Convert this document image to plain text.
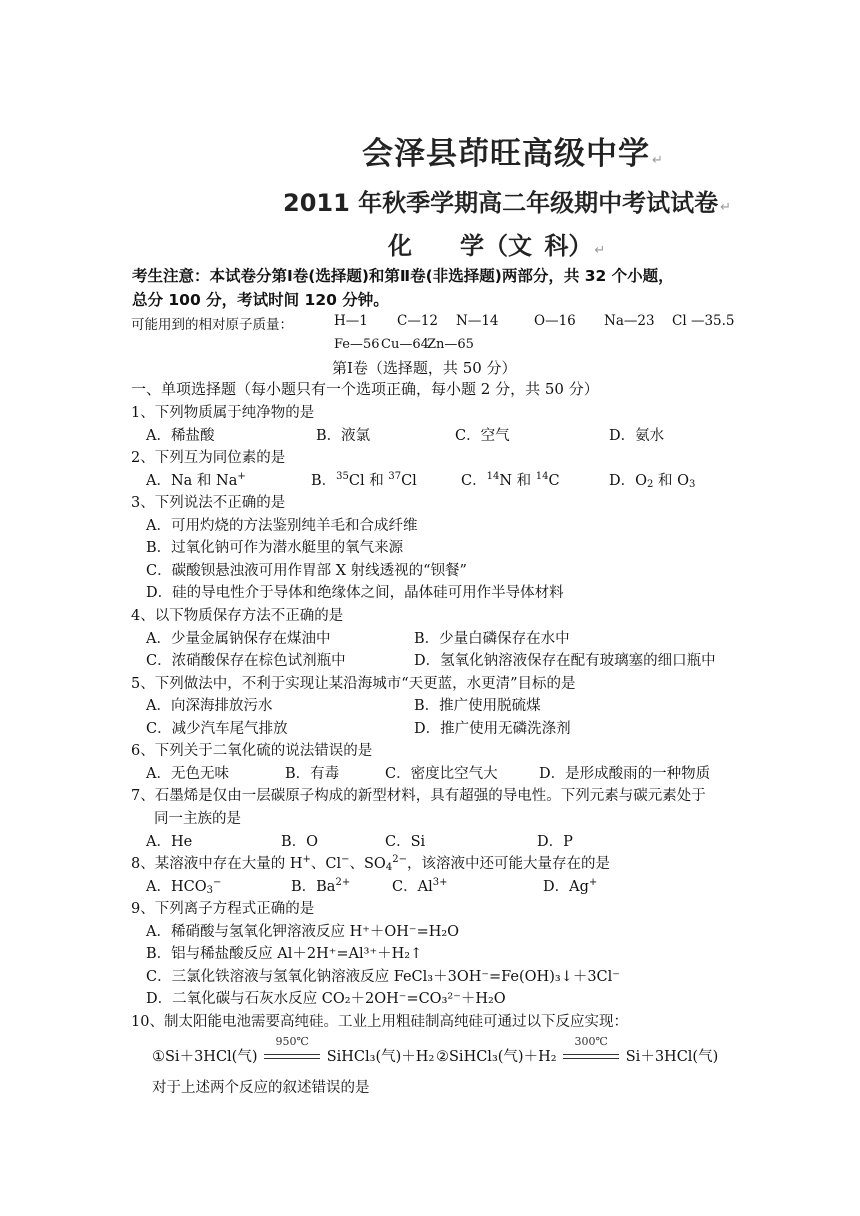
会泽县茚旺高级中学 ↵
2011 年秋季学期高二年级期中考试试卷 ↵
化　　学（文 科） ↵
考生注意：本试卷分第Ⅰ卷(选择题)和第Ⅱ卷(非选择题)两部分，共 32 个小题，
总分 100 分，考试时间 120 分钟。
可能用到的相对原子质量：	H—1 C—12 N—14	O—16 Na—23 Cl —35.5
Fe—56 Cu—64
Zn—65
第Ⅰ卷（选择题，共 50 分）
一、单项选择题（每小题只有一个选项正确，每小题 2 分，共 50 分）
1、下列物质属于纯净物的是
A．稀盐酸	B．液氯	C．空气	D．氨水
2、下列互为同位素的是
A．Na 和 Na+	B．$^{35}$Cl 和 $^{37}$Cl	C．$^{14}$N 和 $^{14}$C	D．$O_2$ 和 $O_3$
3、下列说法不正确的是
A．可用灼烧的方法鉴别纯羊毛和合成纤维
B．过氧化钠可作为潜水艇里的氧气来源
C．碳酸钡悬浊液可用作胃部 X 射线透视的“钡餐”
D．硅的导电性介于导体和绝缘体之间，晶体硅可用作半导体材料
4、以下物质保存方法不正确的是
A．少量金属钠保存在煤油中	B．少量白磷保存在水中
C．浓硝酸保存在棕色试剂瓶中	D．氢氧化钠溶液保存在配有玻璃塞的细口瓶中
5、下列做法中，不利于实现让某沿海城市“天更蓝，水更清”目标的是
A．向深海排放污水	B．推广使用脱硫煤
C．减少汽车尾气排放	D．推广使用无磷洗涤剂
6、下列关于二氧化硫的说法错误的是
A．无色无味	B．有毒	C．密度比空气大	D．是形成酸雨的一种物质
7、石墨烯是仅由一层碳原子构成的新型材料，具有超强的导电性。下列元素与碳元素处于
同一主族的是
A．He	B．O	C．Si	D．P
8、某溶液中存在大量的 H+、Cl−、$SO_4^{2-}$，该溶液中还可能大量存在的是
A．$HCO_3^-$	B．$Ba^{2+}$	C．$Al^{3+}$	D．Ag+
9、下列离子方程式正确的是
A．稀硝酸与氢氧化钾溶液反应 H⁺＋OH⁻=H₂O
B．铝与稀盐酸反应 Al＋2H⁺=Al³⁺＋H₂↑
C．三氯化铁溶液与氢氧化钠溶液反应 FeCl₃＋3OH⁻=Fe(OH)₃↓＋3Cl⁻
D．二氧化碳与石灰水反应 CO₂＋2OH⁻=CO₃²⁻＋H₂O
10、制太阳能电池需要高纯硅。工业上用粗硅制高纯硅可通过以下反应实现：
①Si＋3HCl(气)
950℃
SiHCl₃(气)＋H₂ ②SiHCl₃(气)＋H₂
300℃
Si＋3HCl(气)
对于上述两个反应的叙述错误的是
